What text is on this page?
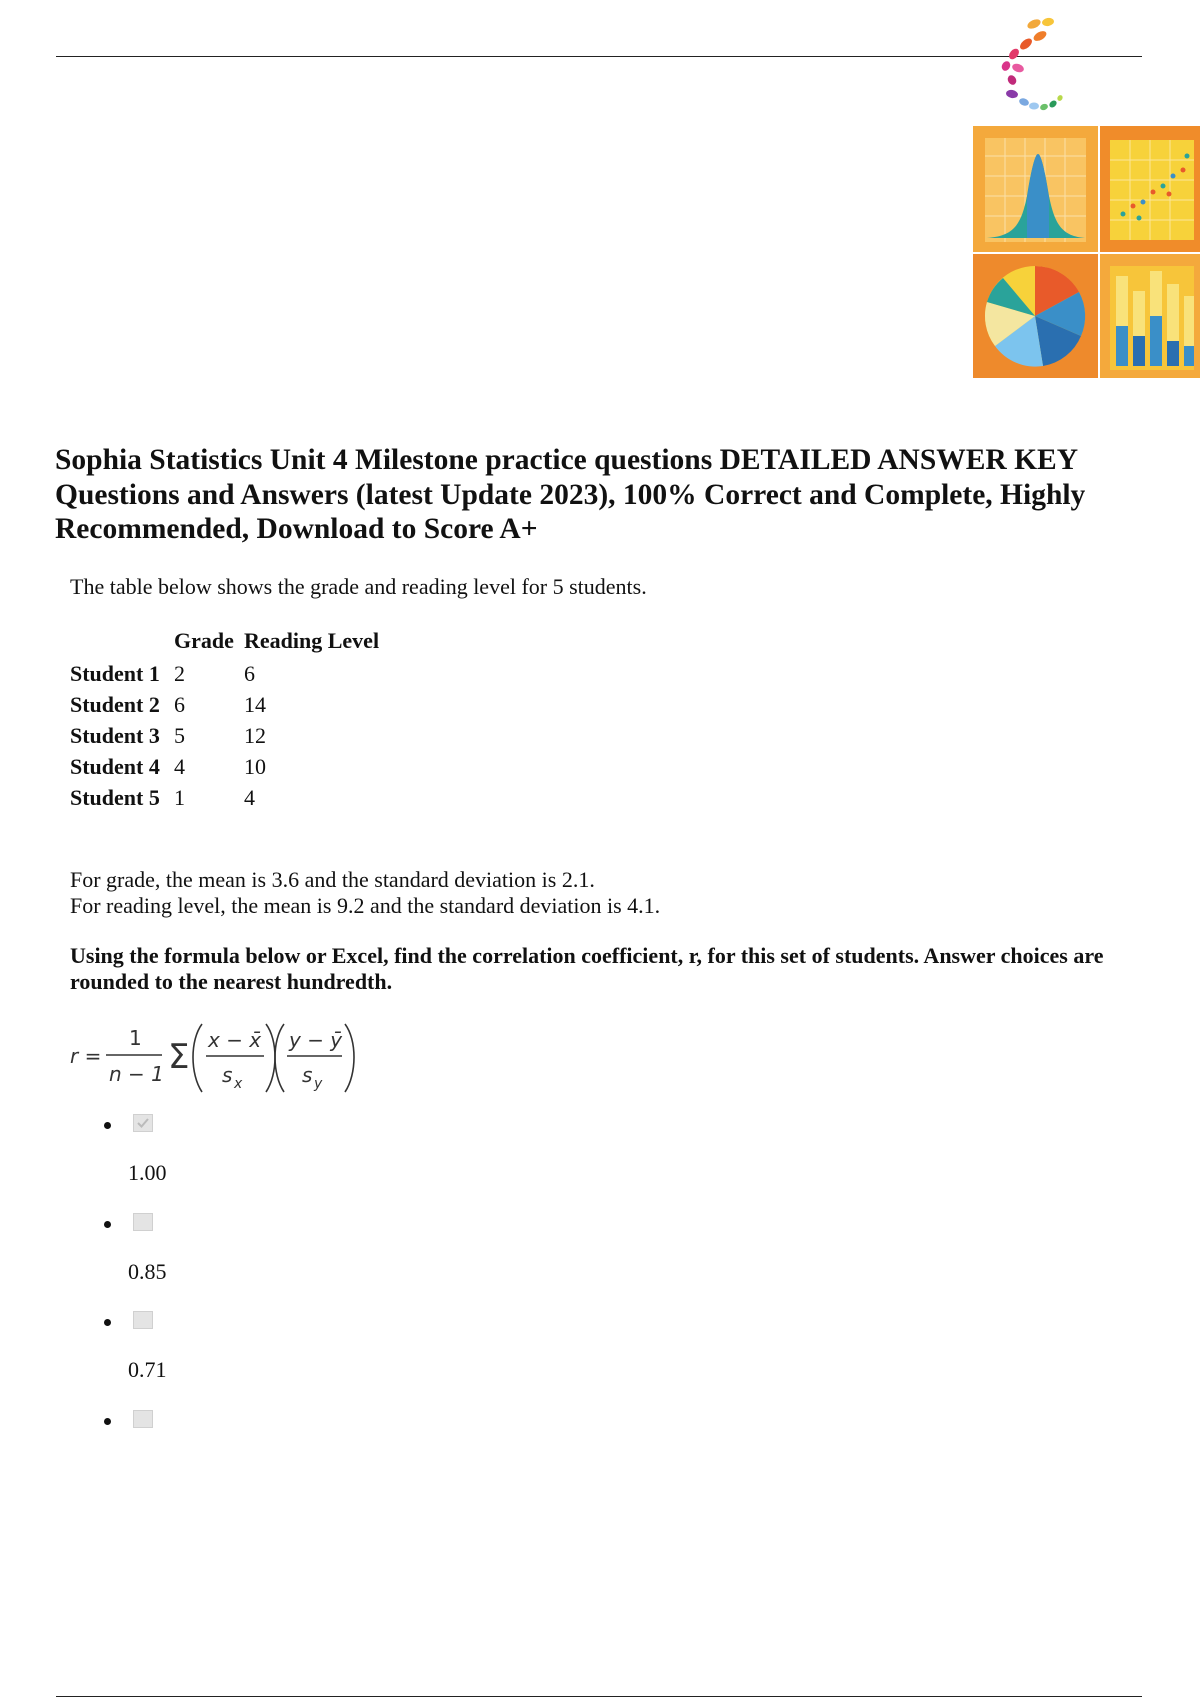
Sophia Statistics Unit 4 Milestone practice questions DETAILED ANSWER KEY Questions and Answers (latest Update 2023), 100% Correct and Complete, Highly Recommended, Download to Score A+

The table below shows the grade and reading level for 5 students.

	Grade	Reading Level
Student 1	2	6
Student 2	6	14
Student 3	5	12
Student 4	4	10
Student 5	1	4
For grade, the mean is 3.6 and the standard deviation is 2.1.
For reading level, the mean is 9.2 and the standard deviation is 4.1.

Using the formula below or Excel, find the correlation coefficient, r, for this set of students. Answer choices are rounded to the nearest hundredth.

r =
1
n − 1 Σ x − x̄
s x
y − ȳ
s y
1.00
0.85
0.71
